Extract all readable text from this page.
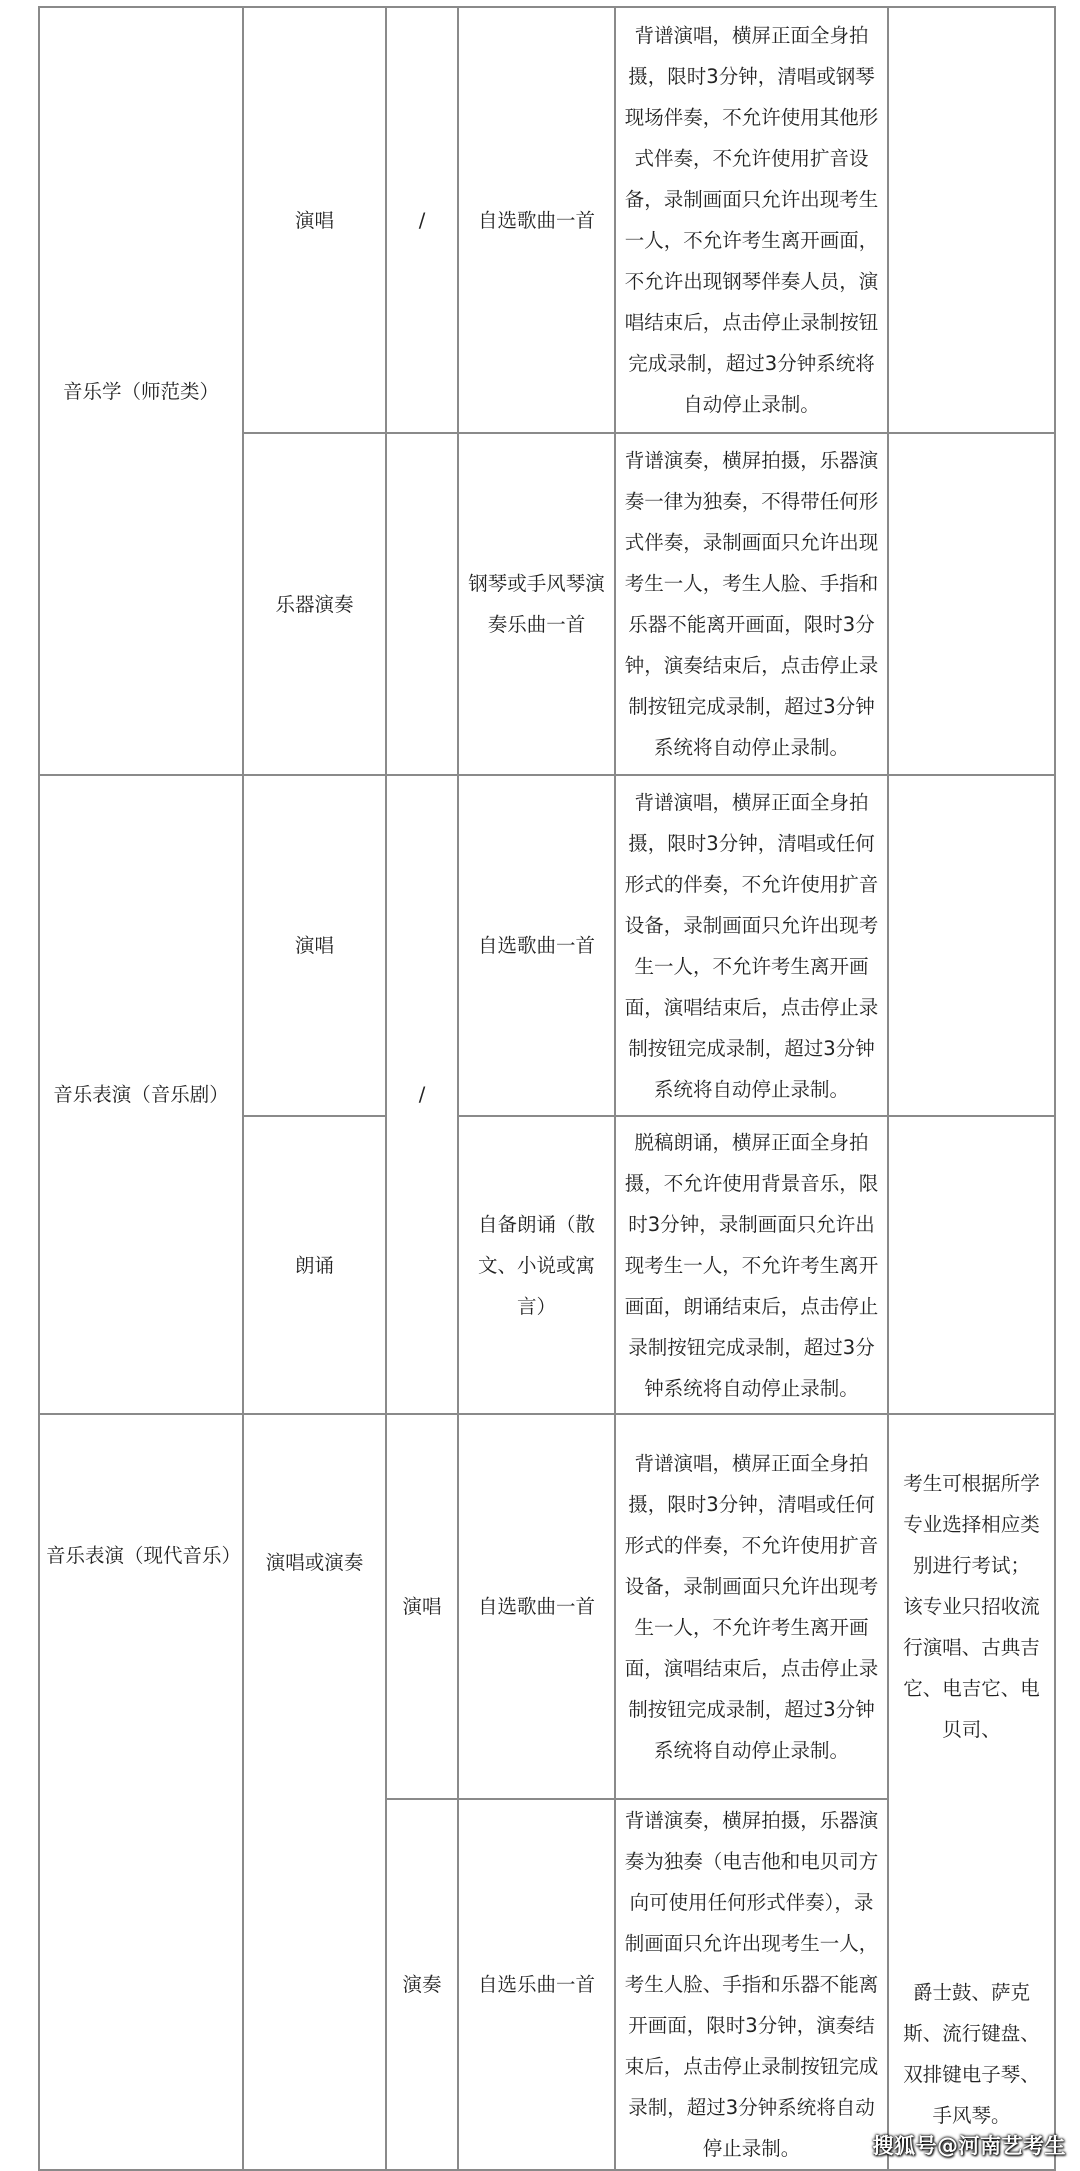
音乐学（师范类）	演唱	/	自选歌曲一首	背谱演唱，横屏正面全身拍摄，限时3分钟，清唱或钢琴现场伴奏，不允许使用其他形式伴奏，不允许使用扩音设备，录制画面只允许出现考生一人，不允许考生离开画面，不允许出现钢琴伴奏人员，演唱结束后，点击停止录制按钮完成录制，超过3分钟系统将自动停止录制。	
	乐器演奏		钢琴或手风琴演奏乐曲一首	背谱演奏，横屏拍摄，乐器演奏一律为独奏，不得带任何形式伴奏，录制画面只允许出现考生一人，考生人脸、手指和乐器不能离开画面，限时3分钟，演奏结束后，点击停止录制按钮完成录制，超过3分钟系统将自动停止录制。	
音乐表演（音乐剧）	演唱	/	自选歌曲一首	背谱演唱，横屏正面全身拍摄，限时3分钟，清唱或任何形式的伴奏，不允许使用扩音设备，录制画面只允许出现考生一人，不允许考生离开画面，演唱结束后，点击停止录制按钮完成录制，超过3分钟系统将自动停止录制。	
	朗诵		自备朗诵（散文、小说或寓言）	脱稿朗诵，横屏正面全身拍摄，不允许使用背景音乐，限时3分钟，录制画面只允许出现考生一人，不允许考生离开画面，朗诵结束后，点击停止录制按钮完成录制，超过3分钟系统将自动停止录制。	
音乐表演（现代音乐）	演唱或演奏	演唱	自选歌曲一首	背谱演唱，横屏正面全身拍摄，限时3分钟，清唱或任何形式的伴奏，不允许使用扩音设备，录制画面只允许出现考生一人，不允许考生离开画面，演唱结束后，点击停止录制按钮完成录制，超过3分钟系统将自动停止录制。	考生可根据所学专业选择相应类别进行考试；
该专业只招收流行演唱、古典吉它、电吉它、电贝司、
爵士鼓、萨克斯、流行键盘、双排键电子琴、手风琴。

		演奏	自选乐曲一首	背谱演奏，横屏拍摄，乐器演奏为独奏（电吉他和电贝司方向可使用任何形式伴奏），录制画面只允许出现考生一人，考生人脸、手指和乐器不能离开画面，限时3分钟，演奏结束后，点击停止录制按钮完成录制，超过3分钟系统将自动停止录制。		搜狐号@河南艺考生
